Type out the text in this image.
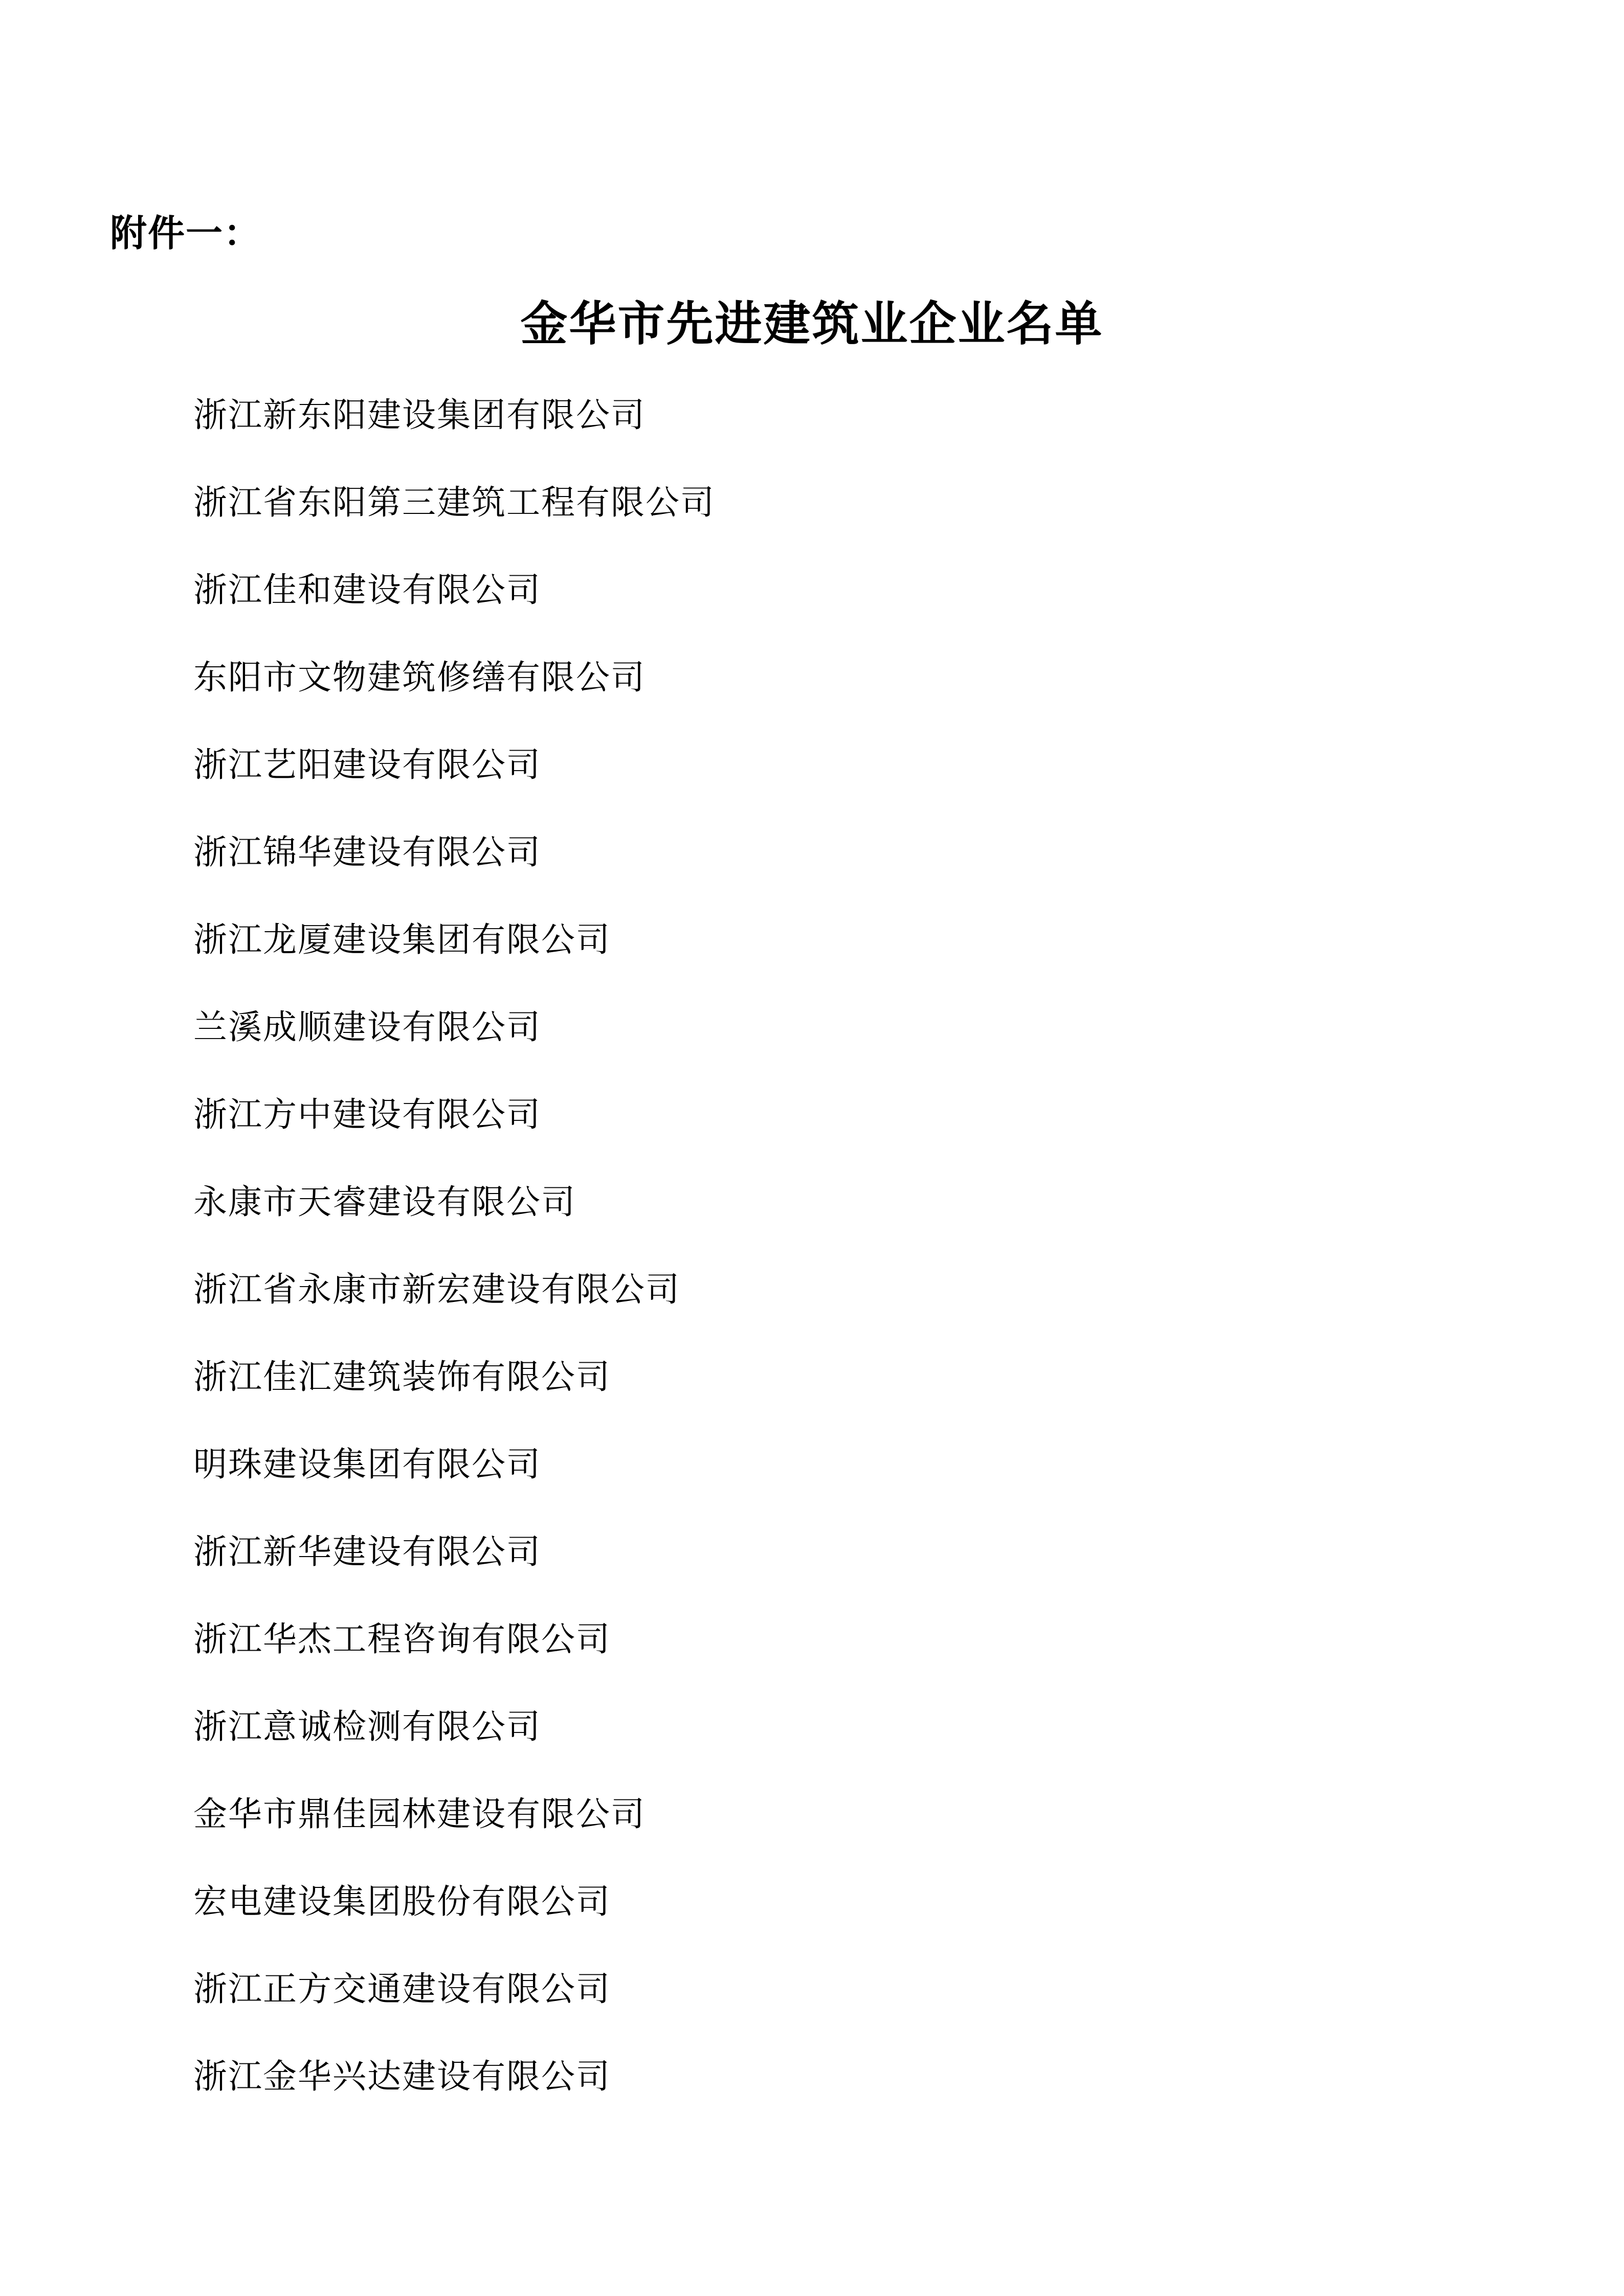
附件一：
金华市先进建筑业企业名单
浙江新东阳建设集团有限公司
浙江省东阳第三建筑工程有限公司
浙江佳和建设有限公司
东阳市文物建筑修缮有限公司
浙江艺阳建设有限公司
浙江锦华建设有限公司
浙江龙厦建设集团有限公司
兰溪成顺建设有限公司
浙江方中建设有限公司
永康市天睿建设有限公司
浙江省永康市新宏建设有限公司
浙江佳汇建筑装饰有限公司
明珠建设集团有限公司
浙江新华建设有限公司
浙江华杰工程咨询有限公司
浙江意诚检测有限公司
金华市鼎佳园林建设有限公司
宏电建设集团股份有限公司
浙江正方交通建设有限公司
浙江金华兴达建设有限公司
